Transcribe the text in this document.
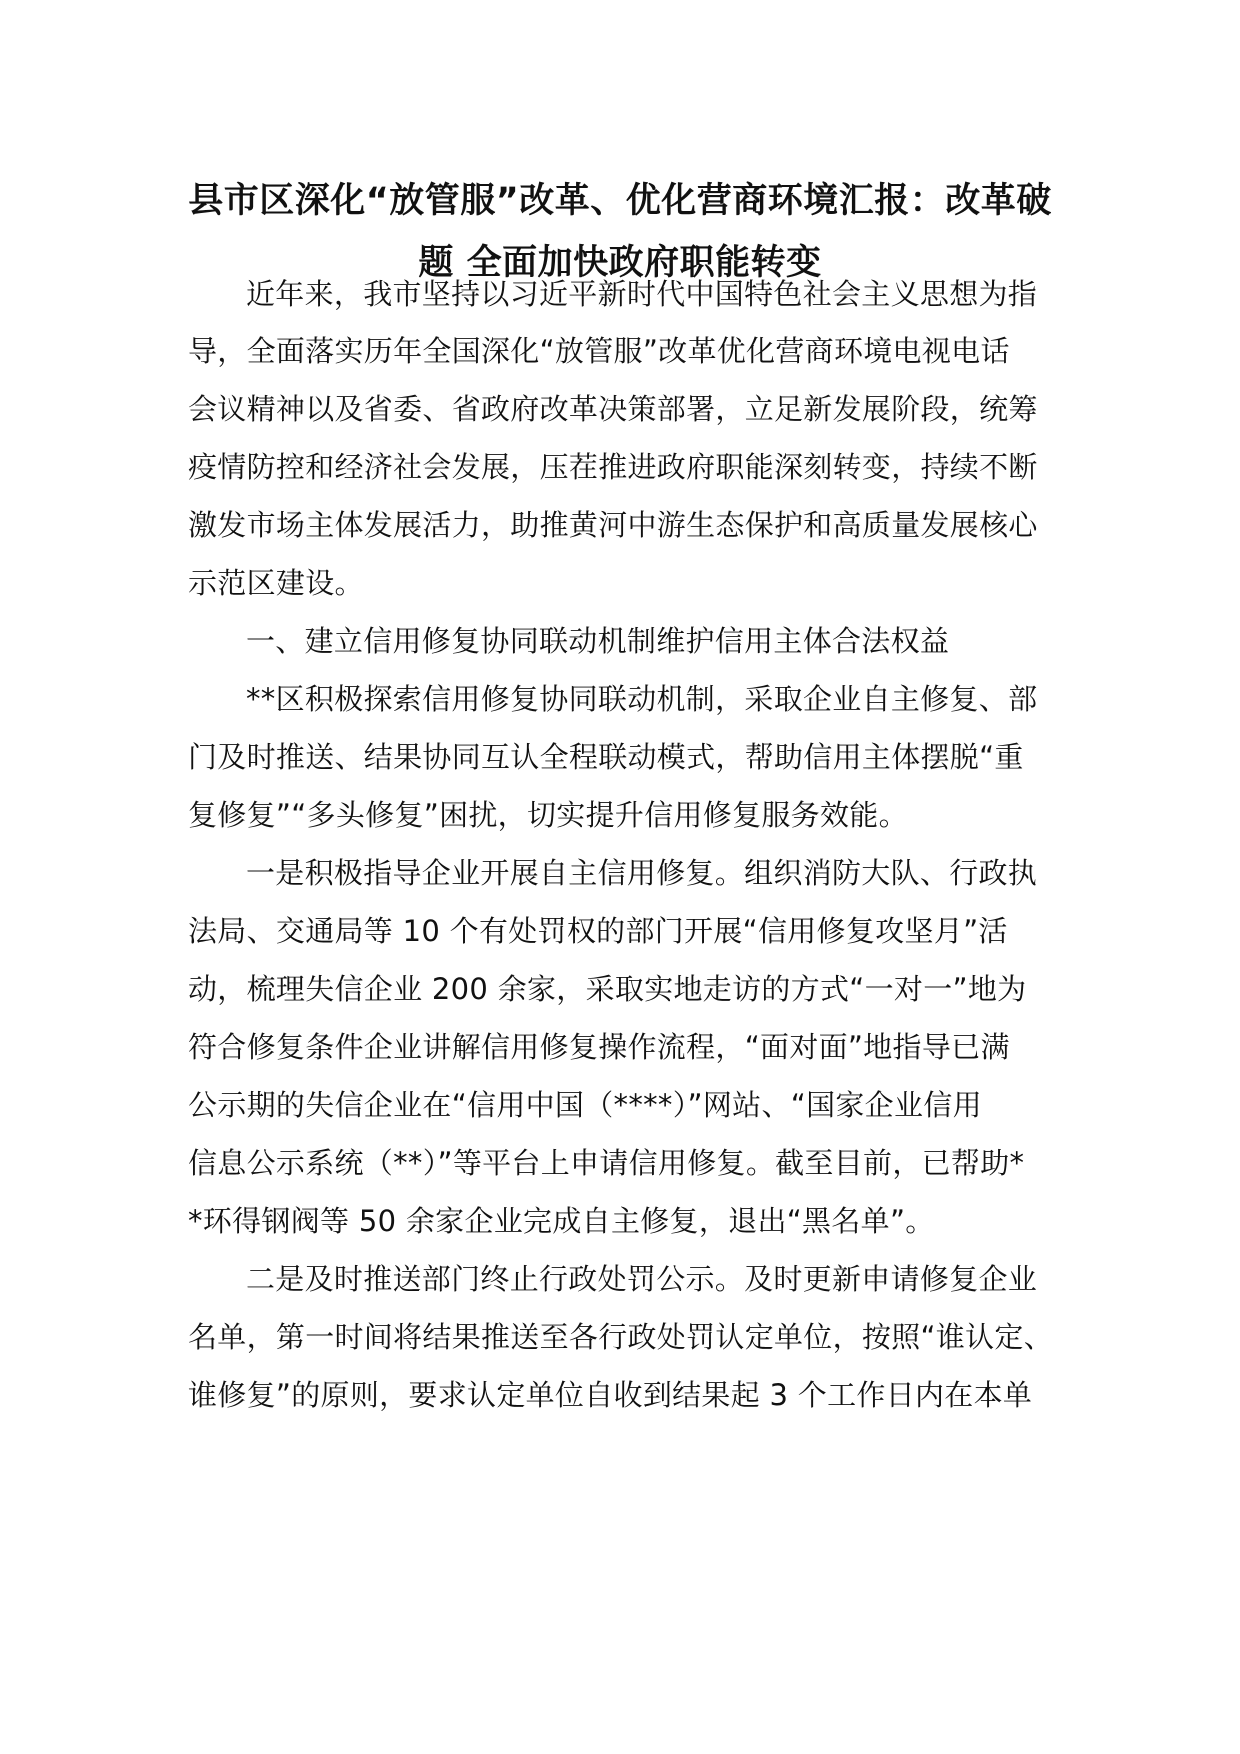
县市区深化“放管服”改革、优化营商环境汇报：改革破
题 全面加快政府职能转变
近年来，我市坚持以习近平新时代中国特色社会主义思想为指
导，全面落实历年全国深化“放管服”改革优化营商环境电视电话
会议精神以及省委、省政府改革决策部署，立足新发展阶段，统筹
疫情防控和经济社会发展，压茬推进政府职能深刻转变，持续不断
激发市场主体发展活力，助推黄河中游生态保护和高质量发展核心
示范区建设。
一、建立信用修复协同联动机制维护信用主体合法权益
**区积极探索信用修复协同联动机制，采取企业自主修复、部
门及时推送、结果协同互认全程联动模式，帮助信用主体摆脱“重
复修复”“多头修复”困扰，切实提升信用修复服务效能。
一是积极指导企业开展自主信用修复。组织消防大队、行政执
法局、交通局等 10 个有处罚权的部门开展“信用修复攻坚月”活
动，梳理失信企业 200 余家，采取实地走访的方式“一对一”地为
符合修复条件企业讲解信用修复操作流程，“面对面”地指导已满
公示期的失信企业在“信用中国（****）”网站、“国家企业信用
信息公示系统（**）”等平台上申请信用修复。截至目前，已帮助*
*环得钢阀等 50 余家企业完成自主修复，退出“黑名单”。
二是及时推送部门终止行政处罚公示。及时更新申请修复企业
名单，第一时间将结果推送至各行政处罚认定单位，按照“谁认定、
谁修复”的原则，要求认定单位自收到结果起 3 个工作日内在本单
